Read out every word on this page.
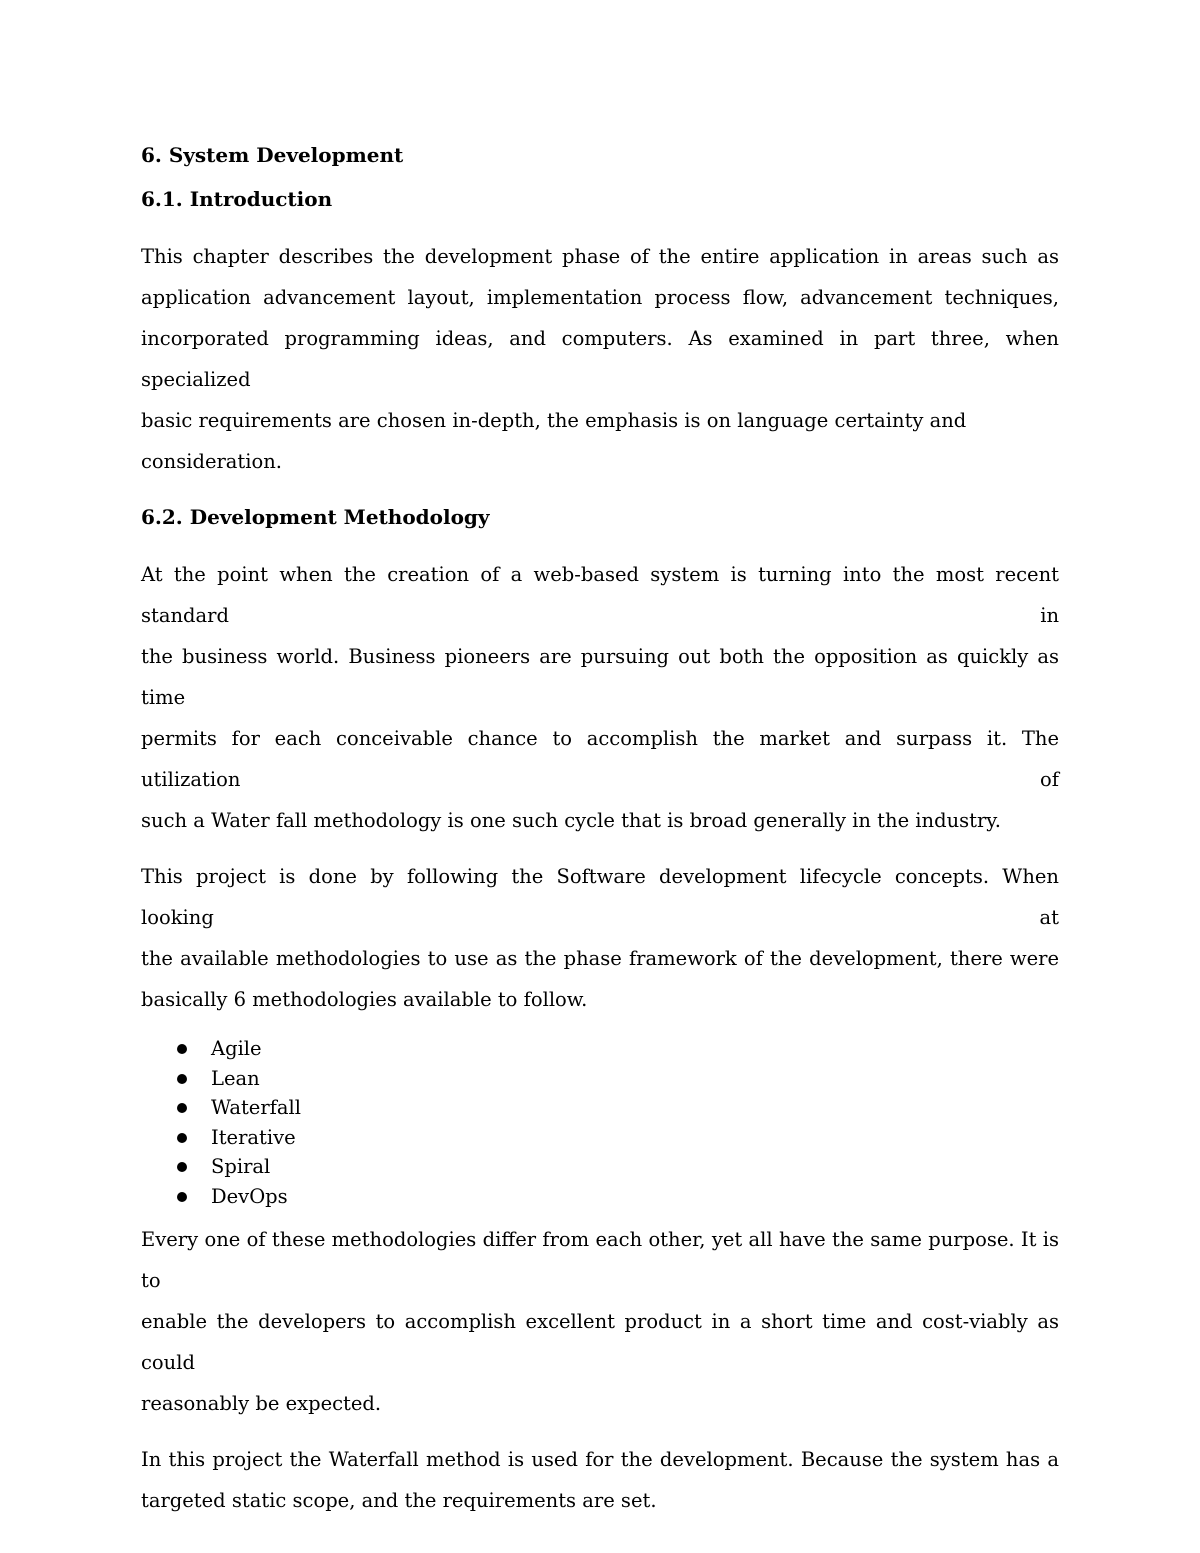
6. System Development

6.1. Introduction

This chapter describes the development phase of the entire application in areas such as
application advancement layout, implementation process flow, advancement techniques,
incorporated programming ideas, and computers. As examined in part three, when specialized
basic requirements are chosen in-depth, the emphasis is on language certainty and consideration.

6.2. Development Methodology

At the point when the creation of a web-based system is turning into the most recent standard in
the business world. Business pioneers are pursuing out both the opposition as quickly as time
permits for each conceivable chance to accomplish the market and surpass it. The utilization of
such a Water fall methodology is one such cycle that is broad generally in the industry.
This project is done by following the Software development lifecycle concepts. When looking at
the available methodologies to use as the phase framework of the development, there were
basically 6 methodologies available to follow.
Agile
Lean
Waterfall
Iterative
Spiral
DevOps
Every one of these methodologies differ from each other, yet all have the same purpose. It is to
enable the developers to accomplish excellent product in a short time and cost-viably as could
reasonably be expected.
In this project the Waterfall method is used for the development. Because the system has a
targeted static scope, and the requirements are set.
